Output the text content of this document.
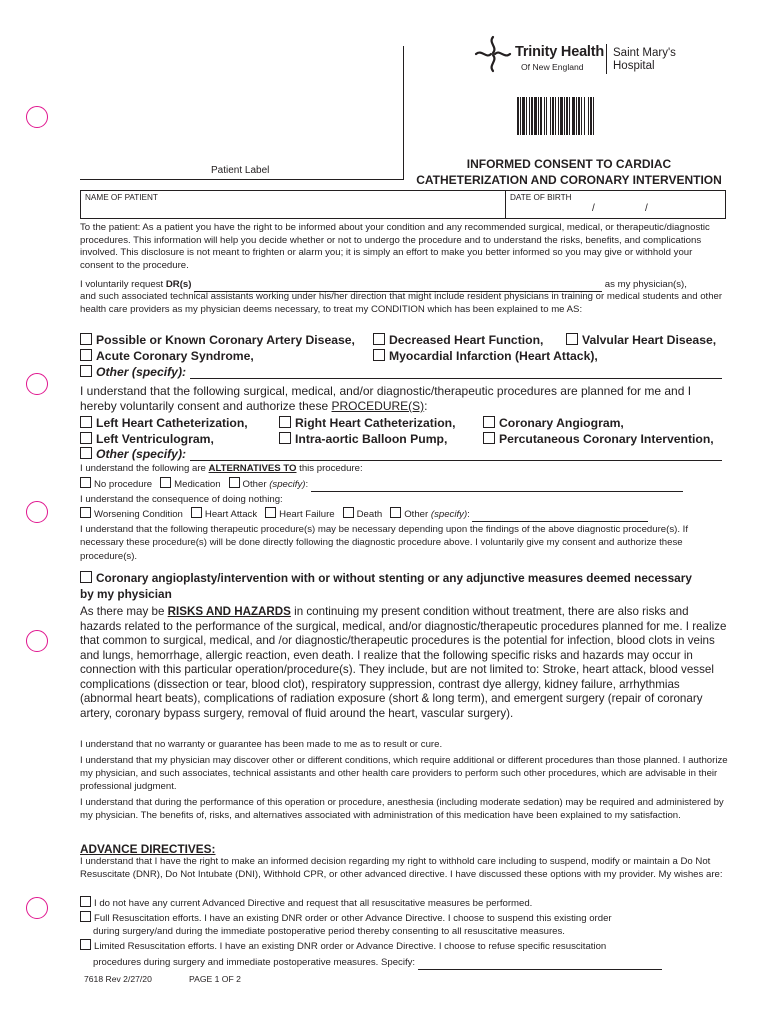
Patient Label
Trinity Health
Of New England
Saint Mary's
Hospital
INFORMED CONSENT TO CARDIAC
CATHETERIZATION AND CORONARY INTERVENTION
NAME OF PATIENT	DATE OF BIRTH
/	/
To the patient: As a patient you have the right to be informed about your condition and any recommended surgical, medical, or therapeutic/diagnostic procedures. This information will help you decide whether or not to undergo the procedure and to understand the risks, benefits, and complications involved. This disclosure is not meant to frighten or alarm you; it is simply an effort to make you better informed so you may give or withhold your consent to the procedure.
I voluntarily request DR(s)	as my physician(s),
and such associated technical assistants working under his/her direction that might include resident physicians in training or medical students and other health care providers as my physician deems necessary, to treat my CONDITION which has been explained to me AS:
Possible or Known Coronary Artery Disease,	Decreased Heart Function,	Valvular Heart Disease,
Acute Coronary Syndrome,	Myocardial Infarction (Heart Attack),
Other (specify):
I understand that the following surgical, medical, and/or diagnostic/therapeutic procedures are planned for me and I hereby voluntarily consent and authorize these PROCEDURE(S):
Left Heart Catheterization,	Right Heart Catheterization,	Coronary Angiogram,
Left Ventriculogram,	Intra-aortic Balloon Pump,	Percutaneous Coronary Intervention,
Other (specify):
I understand the following are ALTERNATIVES TO this procedure:
No procedure Medication Other (specify):
I understand the consequence of doing nothing:
Worsening Condition Heart Attack Heart Failure Death Other (specify):
I understand that the following therapeutic procedure(s) may be necessary depending upon the findings of the above diagnostic procedure(s). If necessary these procedure(s) will be done directly following the diagnostic procedure above. I voluntarily give my consent and authorize these procedure(s).
Coronary angioplasty/intervention with or without stenting or any adjunctive measures deemed necessary by my physician
As there may be RISKS AND HAZARDS in continuing my present condition without treatment, there are also risks and hazards related to the performance of the surgical, medical, and/or diagnostic/therapeutic procedures planned for me. I realize that common to surgical, medical, and /or diagnostic/therapeutic procedures is the potential for infection, blood clots in veins and lungs, hemorrhage, allergic reaction, even death. I realize that the following specific risks and hazards may occur in connection with this particular operation/procedure(s). They include, but are not limited to: Stroke, heart attack, blood vessel complications (dissection or tear, blood clot), respiratory suppression, contrast dye allergy, kidney failure, arrhythmias (abnormal heart beats), complications of radiation exposure (short & long term), and emergent surgery (repair of coronary artery, coronary bypass surgery, removal of fluid around the heart, vascular surgery).
I understand that no warranty or guarantee has been made to me as to result or cure.
I understand that my physician may discover other or different conditions, which require additional or different procedures than those planned. I authorize my physician, and such associates, technical assistants and other health care providers to perform such other procedures, which are advisable in their professional judgment.
I understand that during the performance of this operation or procedure, anesthesia (including moderate sedation) may be required and administered by my physician. The benefits of, risks, and alternatives associated with administration of this medication have been explained to my satisfaction.
ADVANCE DIRECTIVES:
I understand that I have the right to make an informed decision regarding my right to withhold care including to suspend, modify or maintain a Do Not Resuscitate (DNR), Do Not Intubate (DNI), Withhold CPR, or other advanced directive. I have discussed these options with my provider. My wishes are:
I do not have any current Advanced Directive and request that all resuscitative measures be performed.
Full Resuscitation efforts. I have an existing DNR order or other Advance Directive. I choose to suspend this existing order
during surgery/and during the immediate postoperative period thereby consenting to all resuscitative measures.
Limited Resuscitation efforts. I have an existing DNR order or Advance Directive. I choose to refuse specific resuscitation
procedures during surgery and immediate postoperative measures. Specify:
7618 Rev 2/27/20	PAGE 1 OF 2
